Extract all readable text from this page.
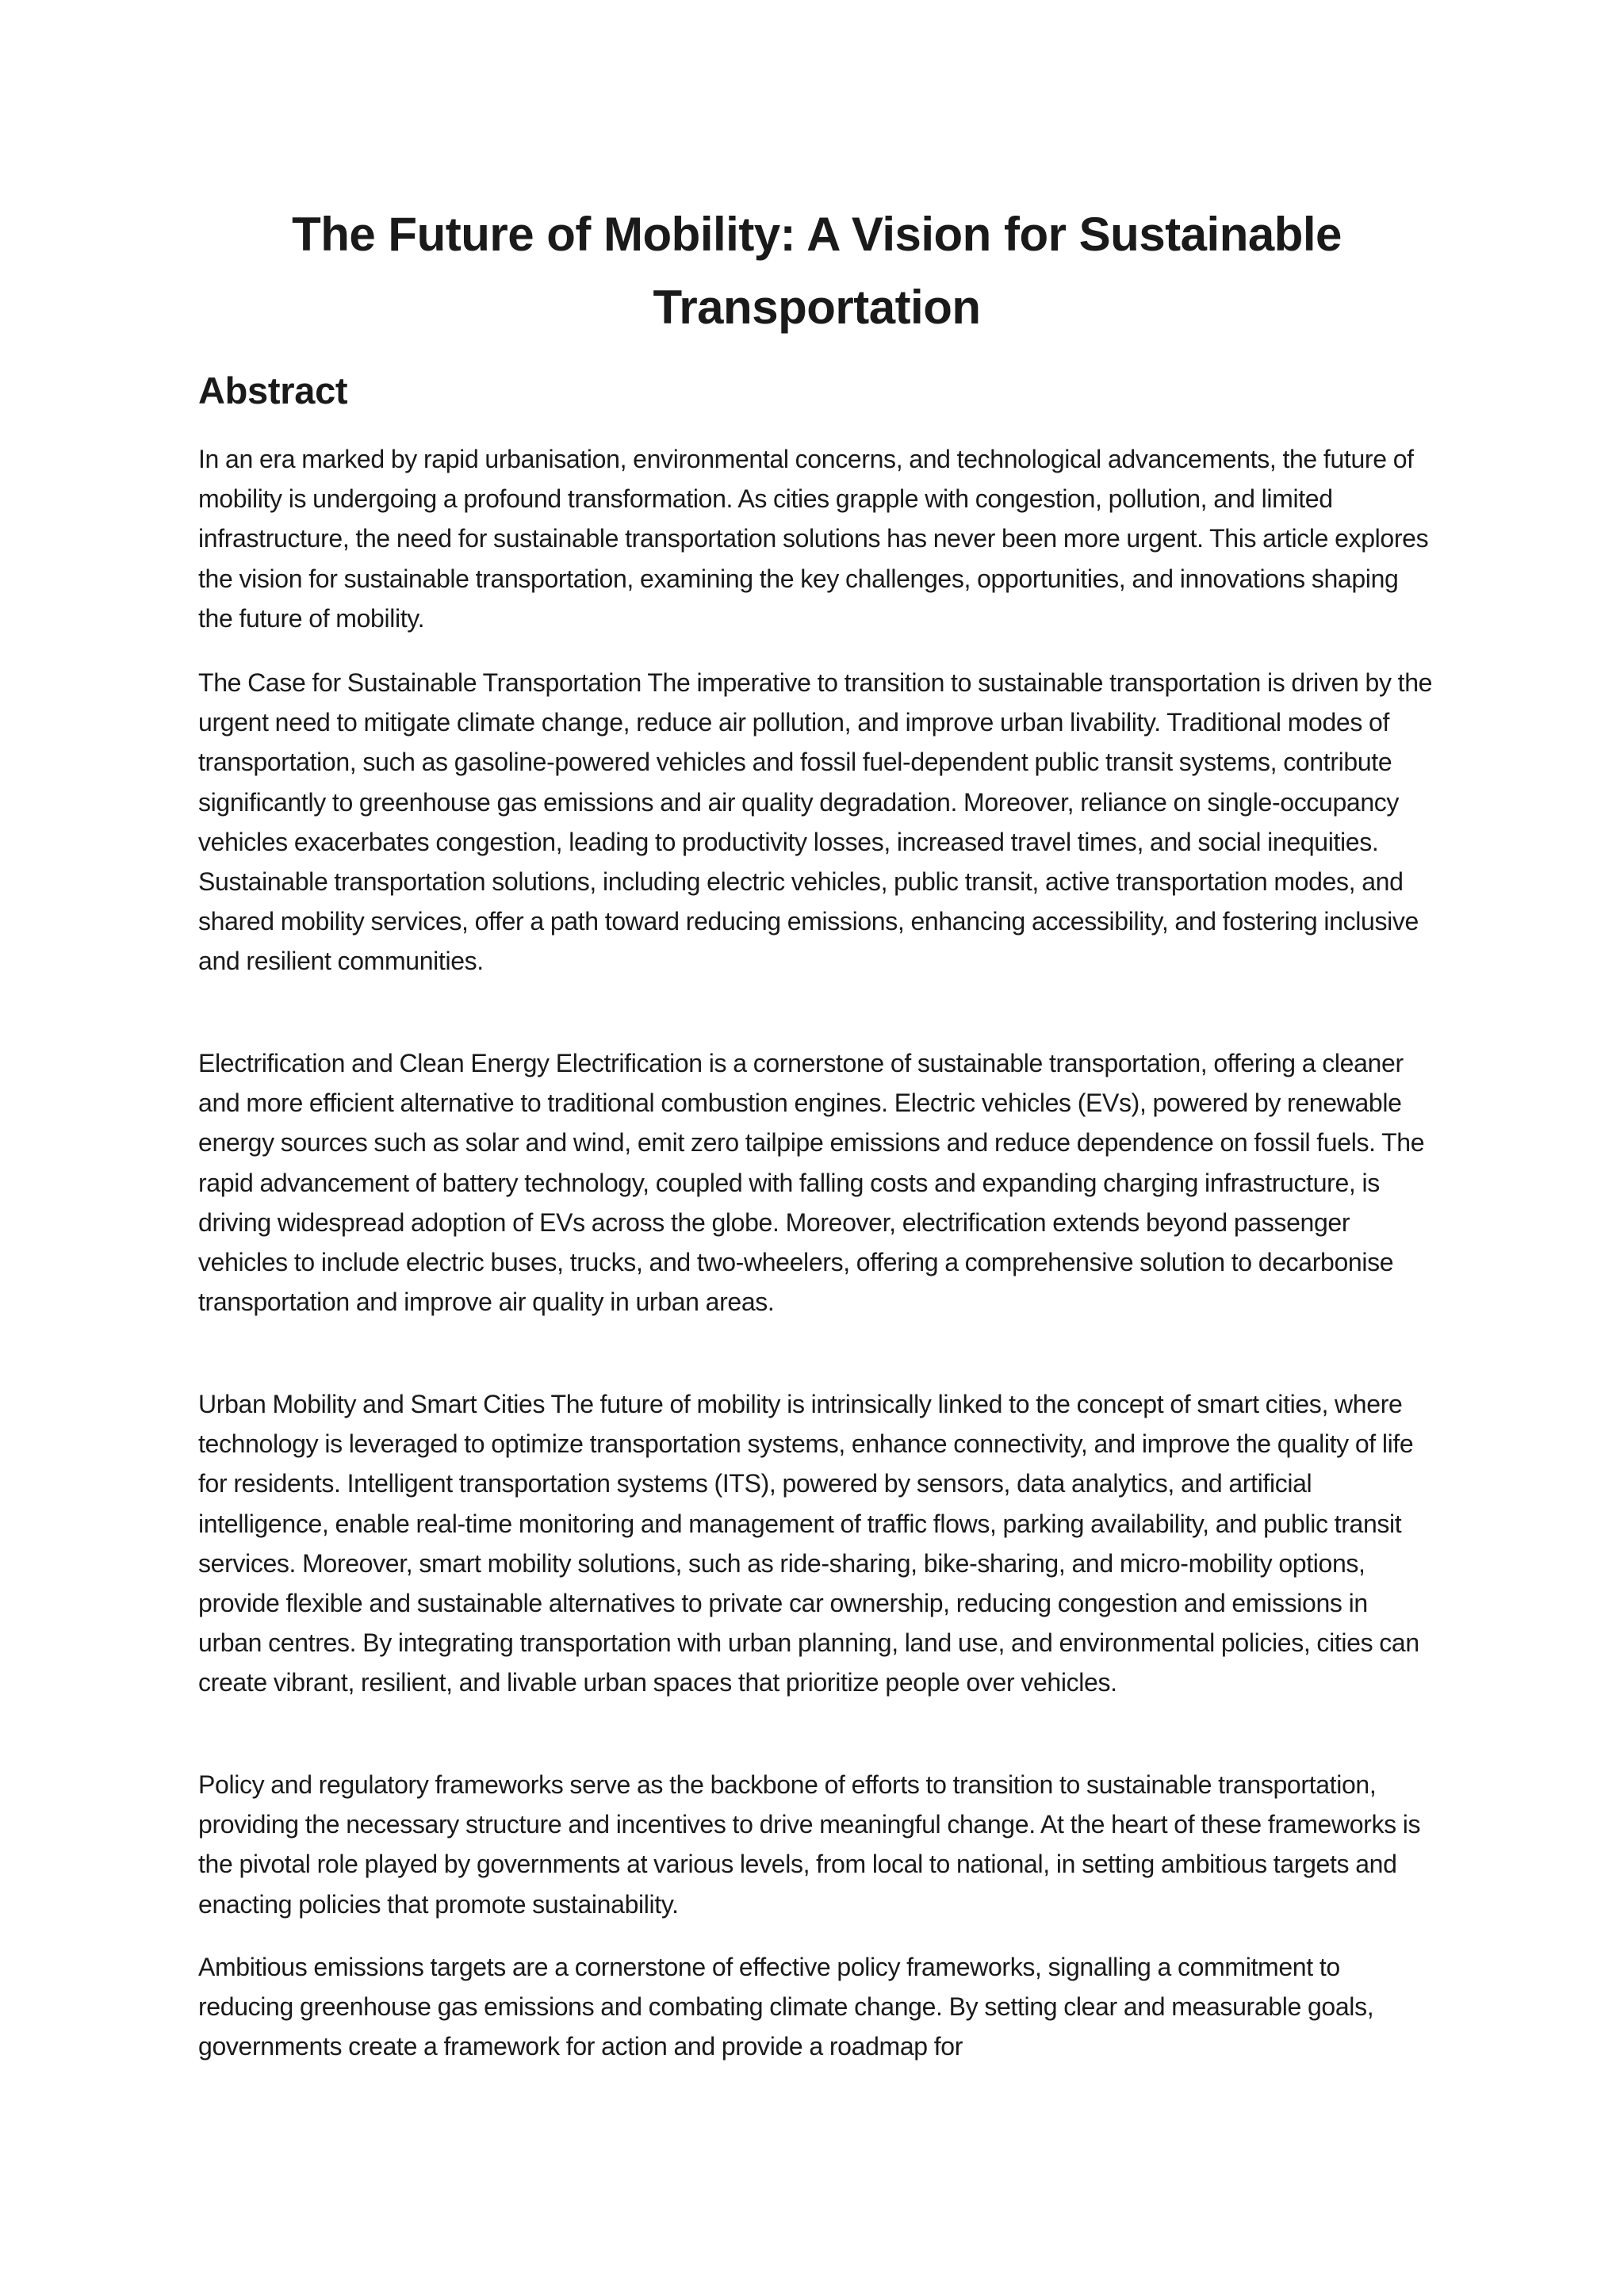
The Future of Mobility: A Vision for Sustainable Transportation
Abstract

In an era marked by rapid urbanisation, environmental concerns, and technological advancements, the future of mobility is undergoing a profound transformation. As cities grapple with congestion, pollution, and limited infrastructure, the need for sustainable transportation solutions has never been more urgent. This article explores the vision for sustainable transportation, examining the key challenges, opportunities, and innovations shaping the future of mobility.

The Case for Sustainable Transportation The imperative to transition to sustainable transportation is driven by the urgent need to mitigate climate change, reduce air pollution, and improve urban livability. Traditional modes of transportation, such as gasoline-powered vehicles and fossil fuel-dependent public transit systems, contribute significantly to greenhouse gas emissions and air quality degradation. Moreover, reliance on single-occupancy vehicles exacerbates congestion, leading to productivity losses, increased travel times, and social inequities. Sustainable transportation solutions, including electric vehicles, public transit, active transportation modes, and shared mobility services, offer a path toward reducing emissions, enhancing accessibility, and fostering inclusive and resilient communities.

Electrification and Clean Energy Electrification is a cornerstone of sustainable transportation, offering a cleaner and more efficient alternative to traditional combustion engines. Electric vehicles (EVs), powered by renewable energy sources such as solar and wind, emit zero tailpipe emissions and reduce dependence on fossil fuels. The rapid advancement of battery technology, coupled with falling costs and expanding charging infrastructure, is driving widespread adoption of EVs across the globe. Moreover, electrification extends beyond passenger vehicles to include electric buses, trucks, and two-wheelers, offering a comprehensive solution to decarbonise transportation and improve air quality in urban areas.

Urban Mobility and Smart Cities The future of mobility is intrinsically linked to the concept of smart cities, where technology is leveraged to optimize transportation systems, enhance connectivity, and improve the quality of life for residents. Intelligent transportation systems (ITS), powered by sensors, data analytics, and artificial intelligence, enable real-time monitoring and management of traffic flows, parking availability, and public transit services. Moreover, smart mobility solutions, such as ride-sharing, bike-sharing, and micro-mobility options, provide flexible and sustainable alternatives to private car ownership, reducing congestion and emissions in urban centres. By integrating transportation with urban planning, land use, and environmental policies, cities can create vibrant, resilient, and livable urban spaces that prioritize people over vehicles.

Policy and regulatory frameworks serve as the backbone of efforts to transition to sustainable transportation, providing the necessary structure and incentives to drive meaningful change. At the heart of these frameworks is the pivotal role played by governments at various levels, from local to national, in setting ambitious targets and enacting policies that promote sustainability.

Ambitious emissions targets are a cornerstone of effective policy frameworks, signalling a commitment to reducing greenhouse gas emissions and combating climate change. By setting clear and measurable goals, governments create a framework for action and provide a roadmap for
